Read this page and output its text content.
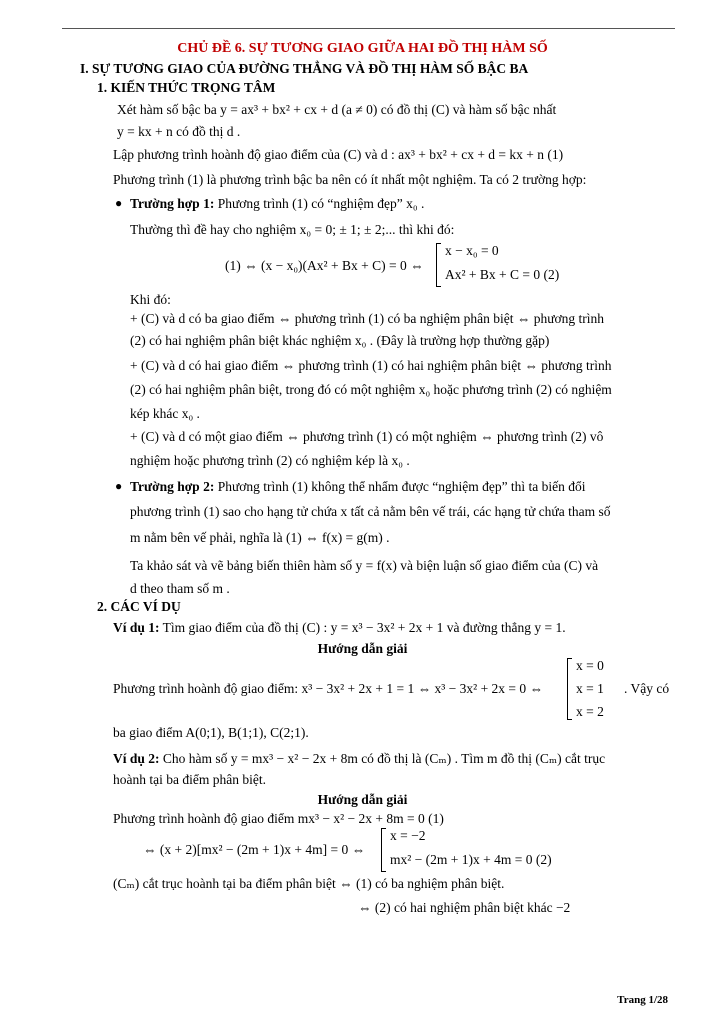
CHỦ ĐỀ 6. SỰ TƯƠNG GIAO GIỮA HAI ĐỒ THỊ HÀM SỐ
I. SỰ TƯƠNG GIAO CỦA ĐƯỜNG THẲNG VÀ ĐỒ THỊ HÀM SỐ BẬC BA
1. KIẾN THỨC TRỌNG TÂM
Xét hàm số bậc ba y = ax³ + bx² + cx + d (a ≠ 0) có đồ thị (C) và hàm số bậc nhất
y = kx + n có đồ thị d .
Lập phương trình hoành độ giao điểm của (C) và d : ax³ + bx² + cx + d = kx + n (1)
Phương trình (1) là phương trình bậc ba nên có ít nhất một nghiệm. Ta có 2 trường hợp:
● Trường hợp 1: Phương trình (1) có “nghiệm đẹp” x₀ .
Thường thì đề hay cho nghiệm x₀ = 0; ± 1; ± 2;... thì khi đó:
(1) ⇔ (x − x₀)(Ax² + Bx + C) = 0 ⇔
x − x₀ = 0
Ax² + Bx + C = 0 (2)
Khi đó:
+ (C) và d có ba giao điểm ⇔ phương trình (1) có ba nghiệm phân biệt ⇔ phương trình
(2) có hai nghiệm phân biệt khác nghiệm x₀ . (Đây là trường hợp thường gặp)
+ (C) và d có hai giao điểm ⇔ phương trình (1) có hai nghiệm phân biệt ⇔ phương trình
(2) có hai nghiệm phân biệt, trong đó có một nghiệm x₀ hoặc phương trình (2) có nghiệm
kép khác x₀ .
+ (C) và d có một giao điểm ⇔ phương trình (1) có một nghiệm ⇔ phương trình (2) vô
nghiệm hoặc phương trình (2) có nghiệm kép là x₀ .
● Trường hợp 2: Phương trình (1) không thể nhẩm được “nghiệm đẹp” thì ta biến đổi
phương trình (1) sao cho hạng tử chứa x tất cả nằm bên vế trái, các hạng tử chứa tham số
m nằm bên vế phải, nghĩa là (1) ⇔ f(x) = g(m) .
Ta khảo sát và vẽ bảng biến thiên hàm số y = f(x) và biện luận số giao điểm của (C) và
d theo tham số m .
2. CÁC VÍ DỤ
Ví dụ 1: Tìm giao điểm của đồ thị (C) : y = x³ − 3x² + 2x + 1 và đường thẳng y = 1.
Hướng dẫn giải
Phương trình hoành độ giao điểm: x³ − 3x² + 2x + 1 = 1 ⇔ x³ − 3x² + 2x = 0 ⇔
x = 0
x = 1
x = 2
. Vậy có
ba giao điểm A(0;1), B(1;1), C(2;1).
Ví dụ 2: Cho hàm số y = mx³ − x² − 2x + 8m có đồ thị là (Cₘ) . Tìm m đồ thị (Cₘ) cắt trục
hoành tại ba điểm phân biệt.
Hướng dẫn giải
Phương trình hoành độ giao điểm mx³ − x² − 2x + 8m = 0 (1)
⇔ (x + 2)[mx² − (2m + 1)x + 4m] = 0 ⇔
x = −2
mx² − (2m + 1)x + 4m = 0 (2)
(Cₘ) cắt trục hoành tại ba điểm phân biệt ⇔ (1) có ba nghiệm phân biệt.
⇔ (2) có hai nghiệm phân biệt khác −2
Trang 1/28
